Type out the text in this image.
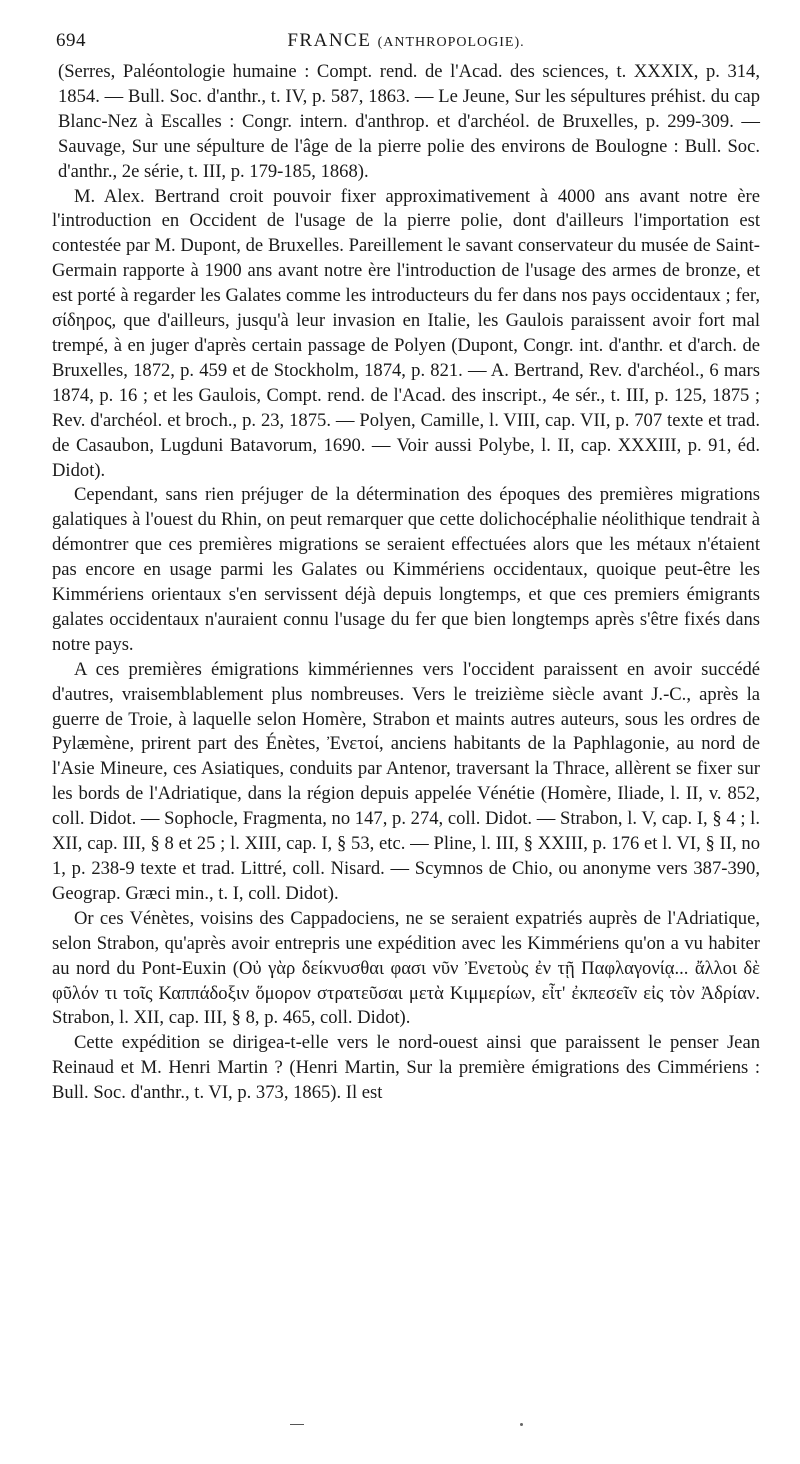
694	FRANCE (ANTHROPOLOGIE).

(Serres, Paléontologie humaine : Compt. rend. de l'Acad. des sciences, t. XXXIX, p. 314, 1854. — Bull. Soc. d'anthr., t. IV, p. 587, 1863. — Le Jeune, Sur les sépultures préhist. du cap Blanc-Nez à Escalles : Congr. intern. d'anthrop. et d'archéol. de Bruxelles, p. 299-309. — Sauvage, Sur une sépulture de l'âge de la pierre polie des environs de Boulogne : Bull. Soc. d'anthr., 2e série, t. III, p. 179-185, 1868).

M. Alex. Bertrand croit pouvoir fixer approximativement à 4000 ans avant notre ère l'introduction en Occident de l'usage de la pierre polie, dont d'ailleurs l'importation est contestée par M. Dupont, de Bruxelles. Pareillement le savant conservateur du musée de Saint-Germain rapporte à 1900 ans avant notre ère l'introduction de l'usage des armes de bronze, et est porté à regarder les Galates comme les introducteurs du fer dans nos pays occidentaux ; fer, σίδηρος, que d'ailleurs, jusqu'à leur invasion en Italie, les Gaulois paraissent avoir fort mal trempé, à en juger d'après certain passage de Polyen (Dupont, Congr. int. d'anthr. et d'arch. de Bruxelles, 1872, p. 459 et de Stockholm, 1874, p. 821. — A. Bertrand, Rev. d'archéol., 6 mars 1874, p. 16 ; et les Gaulois, Compt. rend. de l'Acad. des inscript., 4e sér., t. III, p. 125, 1875 ; Rev. d'archéol. et broch., p. 23, 1875. — Polyen, Camille, l. VIII, cap. VII, p. 707 texte et trad. de Casaubon, Lugduni Batavorum, 1690. — Voir aussi Polybe, l. II, cap. XXXIII, p. 91, éd. Didot).

Cependant, sans rien préjuger de la détermination des époques des premières migrations galatiques à l'ouest du Rhin, on peut remarquer que cette dolichocéphalie néolithique tendrait à démontrer que ces premières migrations se seraient effectuées alors que les métaux n'étaient pas encore en usage parmi les Galates ou Kimmériens occidentaux, quoique peut-être les Kimmériens orientaux s'en servissent déjà depuis longtemps, et que ces premiers émigrants galates occidentaux n'auraient connu l'usage du fer que bien longtemps après s'être fixés dans notre pays.

A ces premières émigrations kimmériennes vers l'occident paraissent en avoir succédé d'autres, vraisemblablement plus nombreuses. Vers le treizième siècle avant J.-C., après la guerre de Troie, à laquelle selon Homère, Strabon et maints autres auteurs, sous les ordres de Pylæmène, prirent part des Énètes, Ἐνετοί, anciens habitants de la Paphlagonie, au nord de l'Asie Mineure, ces Asiatiques, conduits par Antenor, traversant la Thrace, allèrent se fixer sur les bords de l'Adriatique, dans la région depuis appelée Vénétie (Homère, Iliade, l. II, v. 852, coll. Didot. — Sophocle, Fragmenta, no 147, p. 274, coll. Didot. — Strabon, l. V, cap. I, § 4 ; l. XII, cap. III, § 8 et 25 ; l. XIII, cap. I, § 53, etc. — Pline, l. III, § XXIII, p. 176 et l. VI, § II, no 1, p. 238-9 texte et trad. Littré, coll. Nisard. — Scymnos de Chio, ou anonyme vers 387-390, Geograp. Græci min., t. I, coll. Didot).

Or ces Vénètes, voisins des Cappadociens, ne se seraient expatriés auprès de l'Adriatique, selon Strabon, qu'après avoir entrepris une expédition avec les Kimmériens qu'on a vu habiter au nord du Pont-Euxin (Οὐ γὰρ δείκνυσθαι φασι νῦν Ἐνετοὺς ἐν τῇ Παφλαγονίᾳ... ἄλλοι δὲ φῦλόν τι τοῖς Καππάδοξιν ὅμορον στρατεῦσαι μετὰ Κιμμερίων, εἶτ' ἐκπεσεῖν εἰς τὸν Ἀδρίαν. Strabon, l. XII, cap. III, § 8, p. 465, coll. Didot).

Cette expédition se dirigea-t-elle vers le nord-ouest ainsi que paraissent le penser Jean Reinaud et M. Henri Martin ? (Henri Martin, Sur la première émigrations des Cimmériens : Bull. Soc. d'anthr., t. VI, p. 373, 1865). Il est
